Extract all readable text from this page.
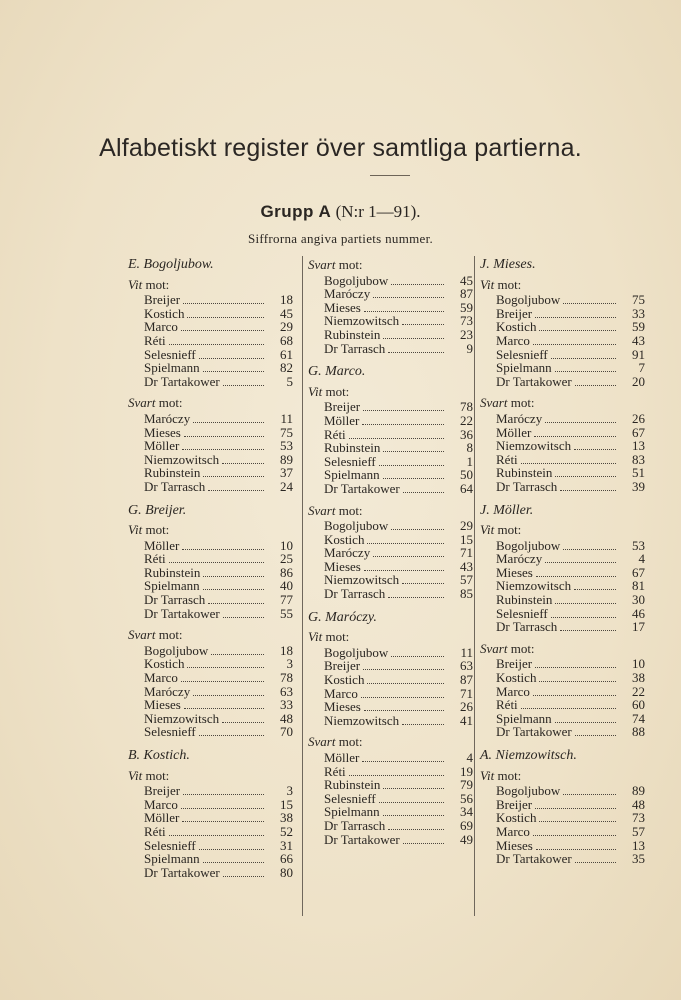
Alfabetiskt register över samtliga partierna.
Grupp A (N:r 1—91).
Siffrorna angiva partiets nummer.
E. Bogoljubow.
Vit mot:
Breijer	18
Kostich	45
Marco	29
Réti	68
Selesnieff	61
Spielmann	82
Dr Tartakower	5
Svart mot:
Maróczy	11
Mieses	75
Möller	53
Niemzowitsch	89
Rubinstein	37
Dr Tarrasch	24
G. Breijer.
Vit mot:
Möller	10
Réti	25
Rubinstein	86
Spielmann	40
Dr Tarrasch	77
Dr Tartakower	55
Svart mot:
Bogoljubow	18
Kostich	3
Marco	78
Maróczy	63
Mieses	33
Niemzowitsch	48
Selesnieff	70
B. Kostich.
Vit mot:
Breijer	3
Marco	15
Möller	38
Réti	52
Selesnieff	31
Spielmann	66
Dr Tartakower	80
Svart mot:
Bogoljubow	45
Maróczy	87
Mieses	59
Niemzowitsch	73
Rubinstein	23
Dr Tarrasch	9
G. Marco.
Vit mot:
Breijer	78
Möller	22
Réti	36
Rubinstein	8
Selesnieff	1
Spielmann	50
Dr Tartakower	64
Svart mot:
Bogoljubow	29
Kostich	15
Maróczy	71
Mieses	43
Niemzowitsch	57
Dr Tarrasch	85
G. Maróczy.
Vit mot:
Bogoljubow	11
Breijer	63
Kostich	87
Marco	71
Mieses	26
Niemzowitsch	41
Svart mot:
Möller	4
Réti	19
Rubinstein	79
Selesnieff	56
Spielmann	34
Dr Tarrasch	69
Dr Tartakower	49
J. Mieses.
Vit mot:
Bogoljubow	75
Breijer	33
Kostich	59
Marco	43
Selesnieff	91
Spielmann	7
Dr Tartakower	20
Svart mot:
Maróczy	26
Möller	67
Niemzowitsch	13
Réti	83
Rubinstein	51
Dr Tarrasch	39
J. Möller.
Vit mot:
Bogoljubow	53
Maróczy	4
Mieses	67
Niemzowitsch	81
Rubinstein	30
Selesnieff	46
Dr Tarrasch	17
Svart mot:
Breijer	10
Kostich	38
Marco	22
Réti	60
Spielmann	74
Dr Tartakower	88
A. Niemzowitsch.
Vit mot:
Bogoljubow	89
Breijer	48
Kostich	73
Marco	57
Mieses	13
Dr Tartakower	35
